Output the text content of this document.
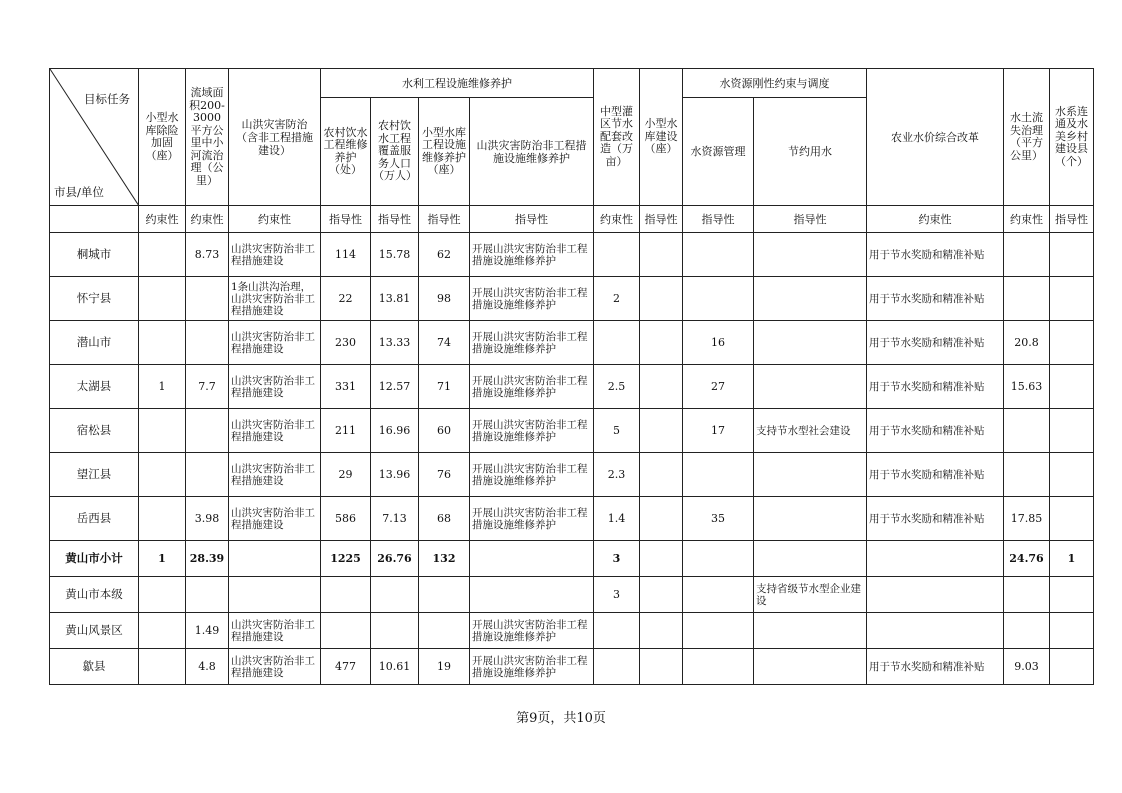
目标任务
市县/单位	小型水库除险加固（座）	流域面积200-3000平方公里中小河流治理（公里）	山洪灾害防治（含非工程措施建设）	水利工程设施维修养护				中型灌区节水配套改造（万亩）	小型水库建设（座）	水资源刚性约束与调度		农业水价综合改革	水土流失治理（平方公里）	水系连通及水美乡村建设县（个）
				农村饮水工程维修养护（处）	农村饮水工程覆盖服务人口（万人）	小型水库工程设施维修养护（座）	山洪灾害防治非工程措施设施维修养护			水资源管理	节约用水			
	约束性	约束性	约束性	指导性	指导性	指导性	指导性	约束性	指导性	指导性	指导性	约束性	约束性	指导性
桐城市		8.73	山洪灾害防治非工程措施建设	114	15.78	62	开展山洪灾害防治非工程措施设施维修养护					用于节水奖励和精准补贴		
怀宁县			1条山洪沟治理，山洪灾害防治非工程措施建设	22	13.81	98	开展山洪灾害防治非工程措施设施维修养护	2				用于节水奖励和精准补贴		
潜山市			山洪灾害防治非工程措施建设	230	13.33	74	开展山洪灾害防治非工程措施设施维修养护			16		用于节水奖励和精准补贴	20.8	
太湖县	1	7.7	山洪灾害防治非工程措施建设	331	12.57	71	开展山洪灾害防治非工程措施设施维修养护	2.5		27		用于节水奖励和精准补贴	15.63	
宿松县			山洪灾害防治非工程措施建设	211	16.96	60	开展山洪灾害防治非工程措施设施维修养护	5		17	支持节水型社会建设	用于节水奖励和精准补贴		
望江县			山洪灾害防治非工程措施建设	29	13.96	76	开展山洪灾害防治非工程措施设施维修养护	2.3				用于节水奖励和精准补贴		
岳西县		3.98	山洪灾害防治非工程措施建设	586	7.13	68	开展山洪灾害防治非工程措施设施维修养护	1.4		35		用于节水奖励和精准补贴	17.85	
黄山市小计	1	28.39		1225	26.76	132		3					24.76	1
黄山市本级								3			支持省级节水型企业建设			
黄山风景区		1.49	山洪灾害防治非工程措施建设				开展山洪灾害防治非工程措施设施维修养护							
歙县		4.8	山洪灾害防治非工程措施建设	477	10.61	19	开展山洪灾害防治非工程措施设施维修养护					用于节水奖励和精准补贴	9.03	
第9页，共10页
